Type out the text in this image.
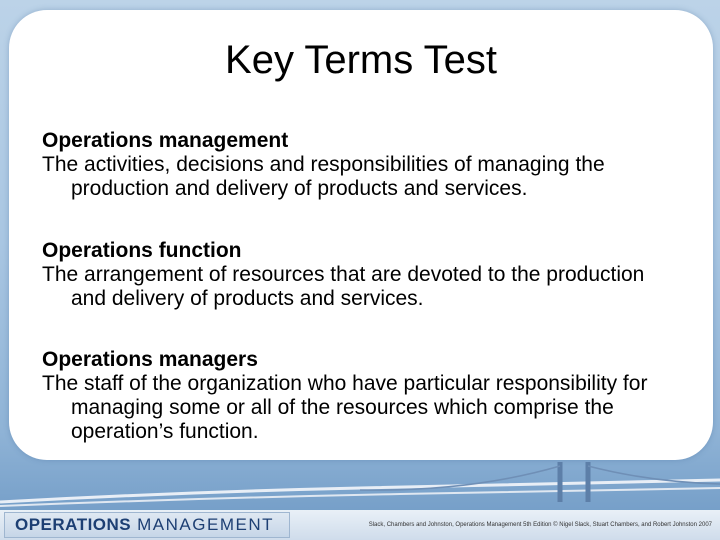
Key Terms Test
Operations management
The activities, decisions and responsibilities of managing the production and delivery of products and services.
Operations function
The arrangement of resources that are devoted to the production and delivery of products and services.
Operations managers
The staff of the organization who have particular responsibility for managing some or all of the resources which comprise the operation’s function.
OPERATIONS MANAGEMENT	Slack, Chambers and Johnston, Operations Management 5th Edition © Nigel Slack, Stuart Chambers, and Robert Johnston 2007
